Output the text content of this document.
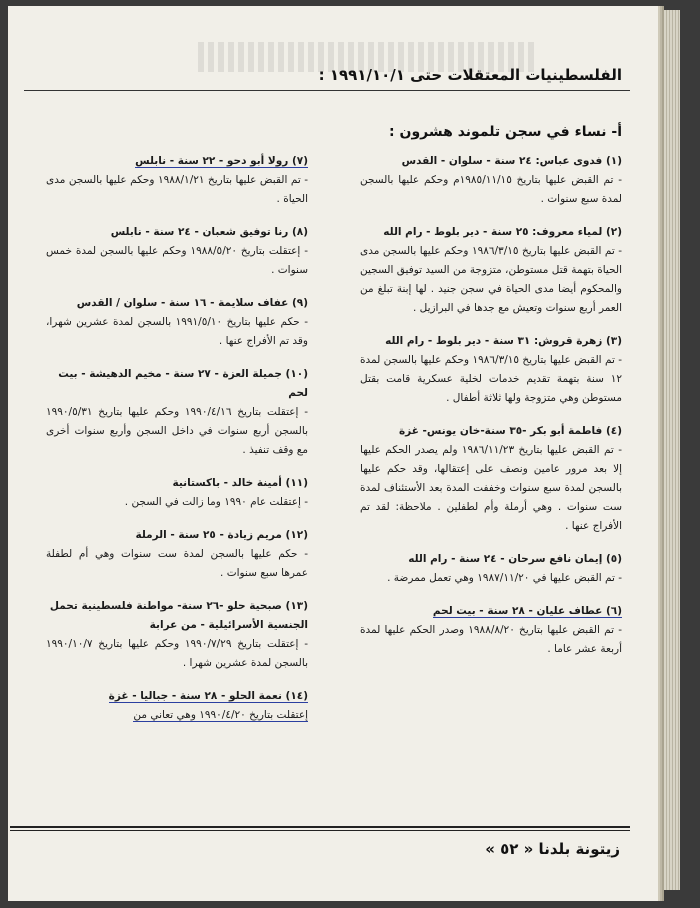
الفلسطينيات المعتقلات حتى ١٩٩١/١٠/١ :
أ- نساء في سجن تلموند هشرون :
(١) فدوى عباس: ٢٤ سنة - سلوان - القدس
- تم القبض عليها بتاريخ ١٩٨٥/١١/١٥م وحكم عليها بالسجن لمدة سبع سنوات .
(٢) لمياء معروف: ٢٥ سنة - دير بلوط - رام الله
- تم القبض عليها بتاريخ ١٩٨٦/٣/١٥ وحكم عليها بالسجن مدى الحياة بتهمة قتل مستوطن، متزوجة من السيد توفيق السجين والمحكوم أيضا مدى الحياة في سجن جنيد . لها إبنة تبلغ من العمر أربع سنوات وتعيش مع جدها في البرازيل .
(٣) زهرة قروش: ٣١ سنة - دير بلوط - رام الله
- تم القبض عليها بتاريخ ١٩٨٦/٣/١٥ وحكم عليها بالسجن لمدة ١٢ سنة بتهمة تقديم خدمات لخلية عسكرية قامت بقتل مستوطن وهي متزوجة ولها ثلاثة أطفال .
(٤) فاطمة أبو بكر -٣٥ سنة-خان يونس- غزة
- تم القبض عليها بتاريخ ١٩٨٦/١١/٢٣ ولم يصدر الحكم عليها إلا بعد مرور عامين ونصف على إعتقالها، وقد حكم عليها بالسجن لمدة سبع سنوات وخففت المدة بعد الأستئناف لمدة ست سنوات . وهي أرملة وأم لطفلين . ملاحظة: لقد تم الأفراج عنها .
(٥) إيمان نافع سرحان - ٢٤ سنة - رام الله
- تم القبض عليها في ١٩٨٧/١١/٢٠ وهي تعمل ممرضة .
(٦) عطاف عليان - ٢٨ سنة - بيت لحم
- تم القبض عليها بتاريخ ١٩٨٨/٨/٢٠ وصدر الحكم عليها لمدة أربعة عشر عاما .
(٧) رولا أبو دحو - ٢٢ سنة - نابلس
- تم القبض عليها بتاريخ ١٩٨٨/١/٢١ وحكم عليها بالسجن مدى الحياة .
(٨) رنا توفيق شعبان - ٢٤ سنة - نابلس
- إعتقلت بتاريخ ١٩٨٨/٥/٢٠ وحكم عليها بالسجن لمدة خمس سنوات .
(٩) عفاف سلايمة - ١٦ سنة - سلوان / القدس
- حكم عليها بتاريخ ١٩٩١/٥/١٠ بالسجن لمدة عشرين شهرا، وقد تم الأفراج عنها .
(١٠) جميلة العزة - ٢٧ سنة - مخيم الدهيشة - بيت لحم
- إعتقلت بتاريخ ١٩٩٠/٤/١٦ وحكم عليها بتاريخ ١٩٩٠/٥/٣١ بالسجن أربع سنوات في داخل السجن وأربع سنوات أخرى مع وقف تنفيذ .
(١١) أمينة خالد - باكستانية
- إعتقلت عام ١٩٩٠ وما زالت في السجن .
(١٢) مريم زيادة - ٢٥ سنة - الرملة
- حكم عليها بالسجن لمدة ست سنوات وهي أم لطفلة عمرها سبع سنوات .
(١٣) صبحية حلو -٢٦ سنة- مواطنة فلسطينية تحمل الجنسية الأسرائيلية - من عرابة
- إعتقلت بتاريخ ١٩٩٠/٧/٢٩ وحكم عليها بتاريخ ١٩٩٠/١٠/٧ بالسجن لمدة عشرين شهرا .
(١٤) نعمة الحلو - ٢٨ سنة - جباليا - غزة
إعتقلت بتاريخ ١٩٩٠/٤/٢٠ وهي تعاني من
زيتونة بلدنا « ٥٢ »
